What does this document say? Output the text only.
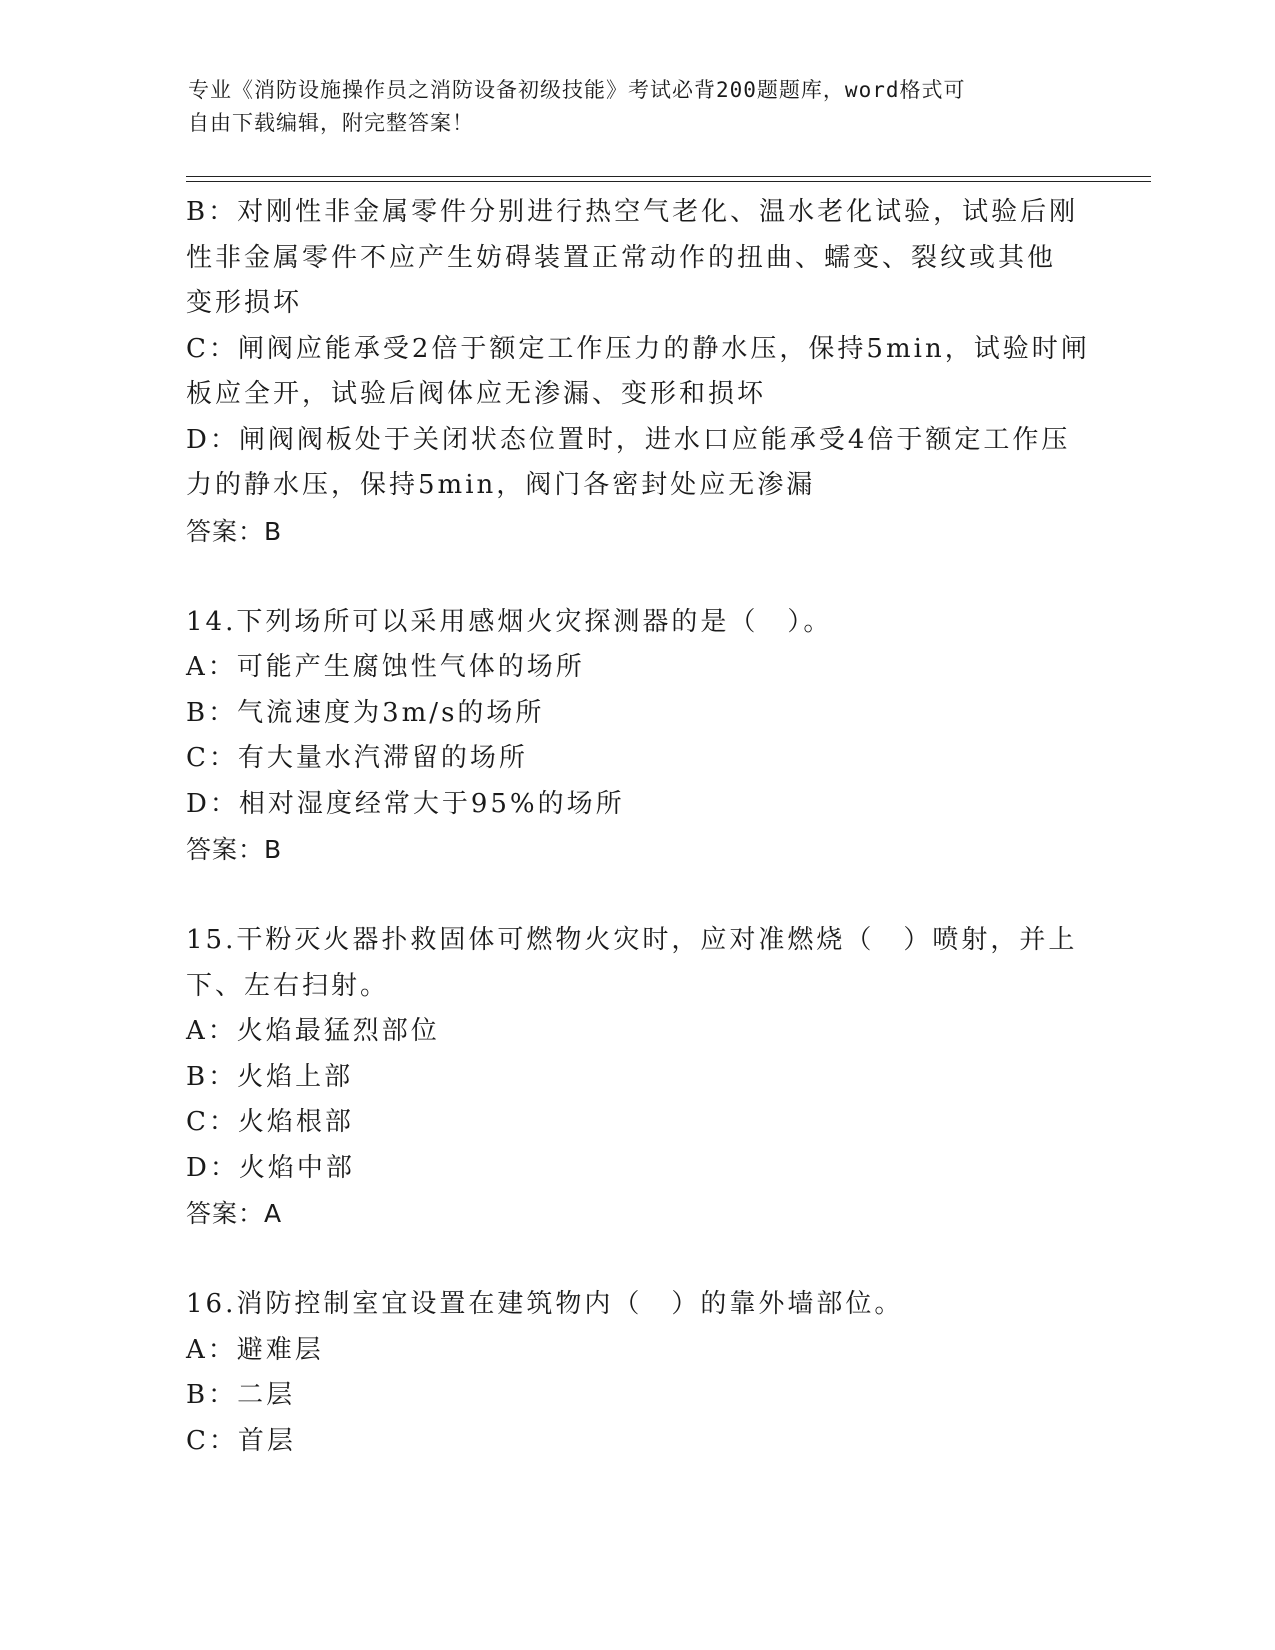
专业《消防设施操作员之消防设备初级技能》考试必背200题题库，word格式可
自由下载编辑，附完整答案！
B：对刚性非金属零件分别进行热空气老化、温水老化试验，试验后刚
性非金属零件不应产生妨碍装置正常动作的扭曲、蠕变、裂纹或其他
变形损坏
C：闸阀应能承受2倍于额定工作压力的静水压，保持5min，试验时闸
板应全开，试验后阀体应无渗漏、变形和损坏
D：闸阀阀板处于关闭状态位置时，进水口应能承受4倍于额定工作压
力的静水压，保持5min，阀门各密封处应无渗漏
答案：B
14.下列场所可以采用感烟火灾探测器的是（　）。
A：可能产生腐蚀性气体的场所
B：气流速度为3m/s的场所
C：有大量水汽滞留的场所
D：相对湿度经常大于95%的场所
答案：B
15.干粉灭火器扑救固体可燃物火灾时，应对准燃烧（　）喷射，并上
下、左右扫射。
A：火焰最猛烈部位
B：火焰上部
C：火焰根部
D：火焰中部
答案：A
16.消防控制室宜设置在建筑物内（　）的靠外墙部位。
A：避难层
B：二层
C：首层
